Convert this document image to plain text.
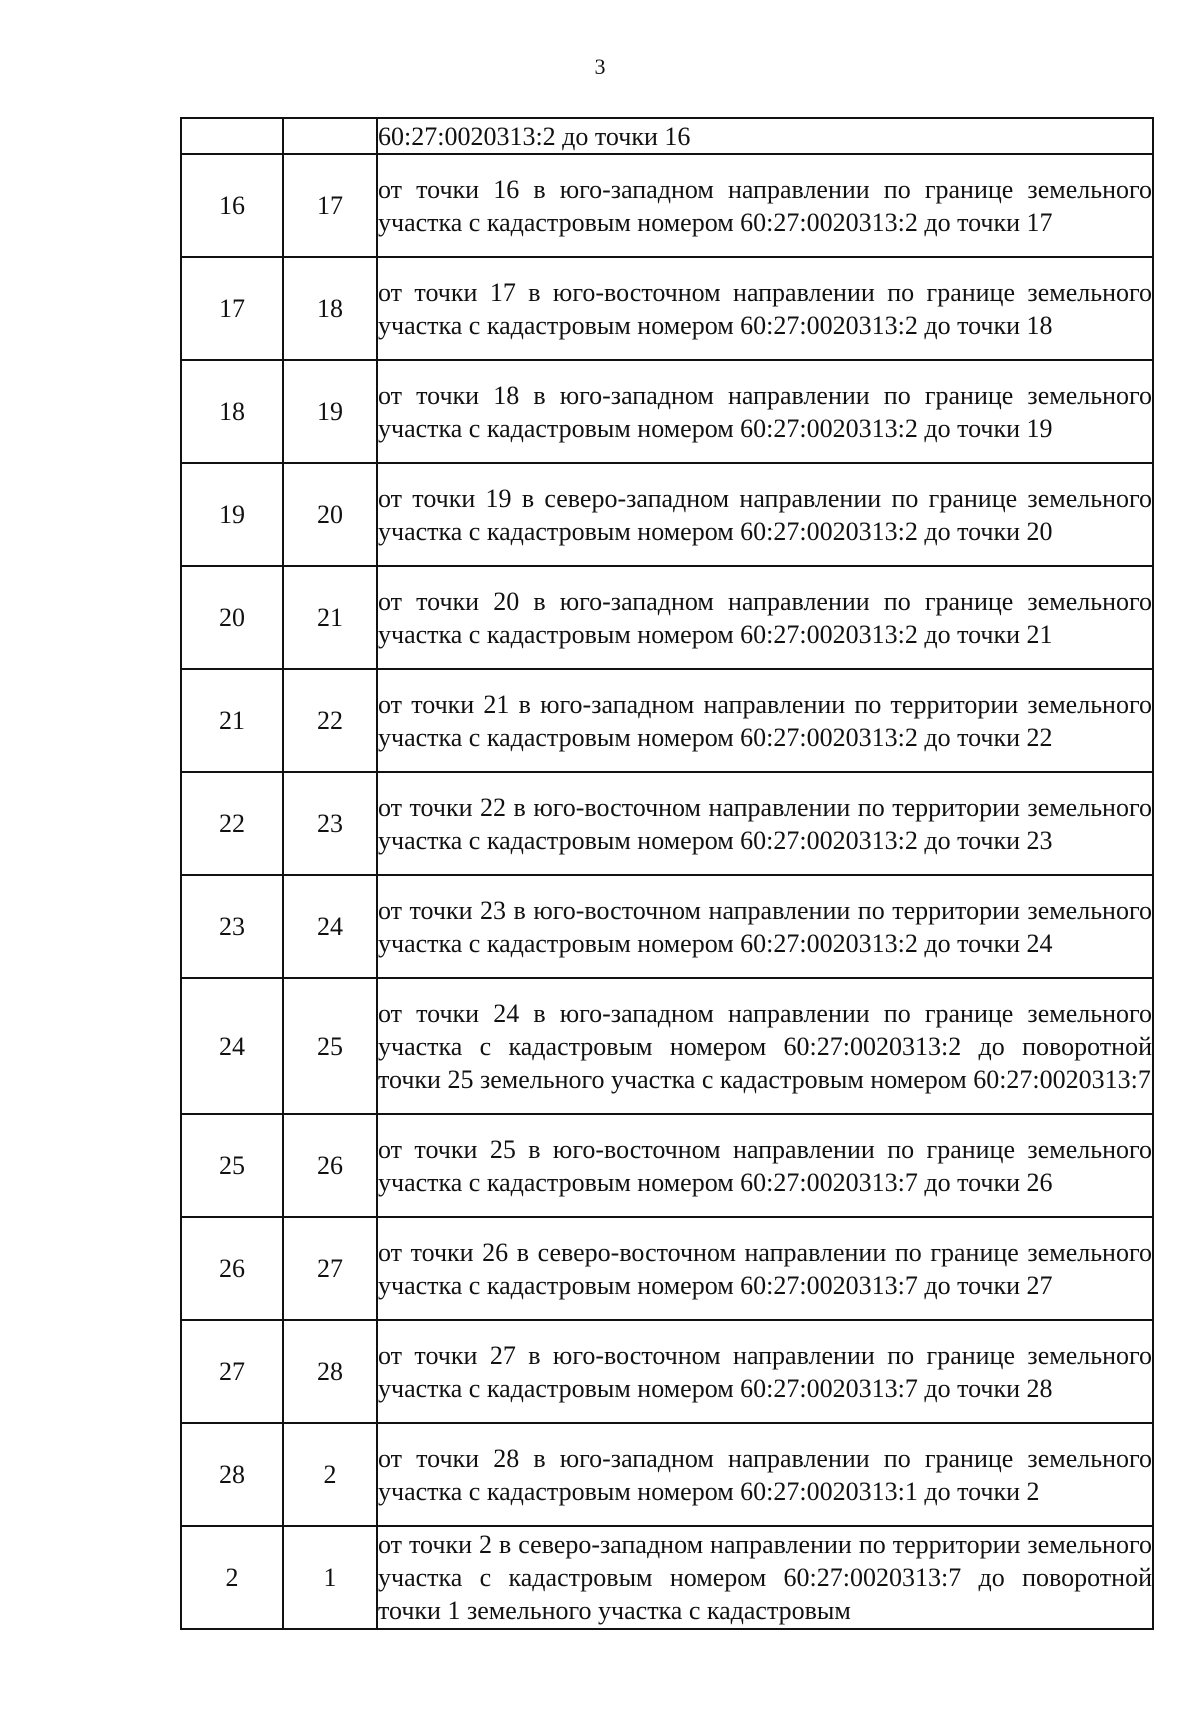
3
		60:27:0020313:2 до точки 16
16	17	от точки 16 в юго-западном направлении по границе земельного участка с кадастровым номером 60:27:0020313:2 до точки 17
17	18	от точки 17 в юго-восточном направлении по границе земельного участка с кадастровым номером 60:27:0020313:2 до точки 18
18	19	от точки 18 в юго-западном направлении по границе земельного участка с кадастровым номером 60:27:0020313:2 до точки 19
19	20	от точки 19 в северо-западном направлении по границе земельного участка с кадастровым номером 60:27:0020313:2 до точки 20
20	21	от точки 20 в юго-западном направлении по границе земельного участка с кадастровым номером 60:27:0020313:2 до точки 21
21	22	от точки 21 в юго-западном направлении по территории земельного участка с кадастровым номером 60:27:0020313:2 до точки 22
22	23	от точки 22 в юго-восточном направлении по территории земельного участка с кадастровым номером 60:27:0020313:2 до точки 23
23	24	от точки 23 в юго-восточном направлении по территории земельного участка с кадастровым номером 60:27:0020313:2 до точки 24
24	25	от точки 24 в юго-западном направлении по границе земельного участка с кадастровым номером 60:27:0020313:2 до поворотной точки 25 земельного участка с кадастровым номером 60:27:0020313:7
25	26	от точки 25 в юго-восточном направлении по границе земельного участка с кадастровым номером 60:27:0020313:7 до точки 26
26	27	от точки 26 в северо-восточном направлении по границе земельного участка с кадастровым номером 60:27:0020313:7 до точки 27
27	28	от точки 27 в юго-восточном направлении по границе земельного участка с кадастровым номером 60:27:0020313:7 до точки 28
28	2	от точки 28 в юго-западном направлении по границе земельного участка с кадастровым номером 60:27:0020313:1 до точки 2
2	1	от точки 2 в северо-западном направлении по территории земельного участка с кадастровым номером 60:27:0020313:7 до поворотной точки 1 земельного участка с кадастровым
